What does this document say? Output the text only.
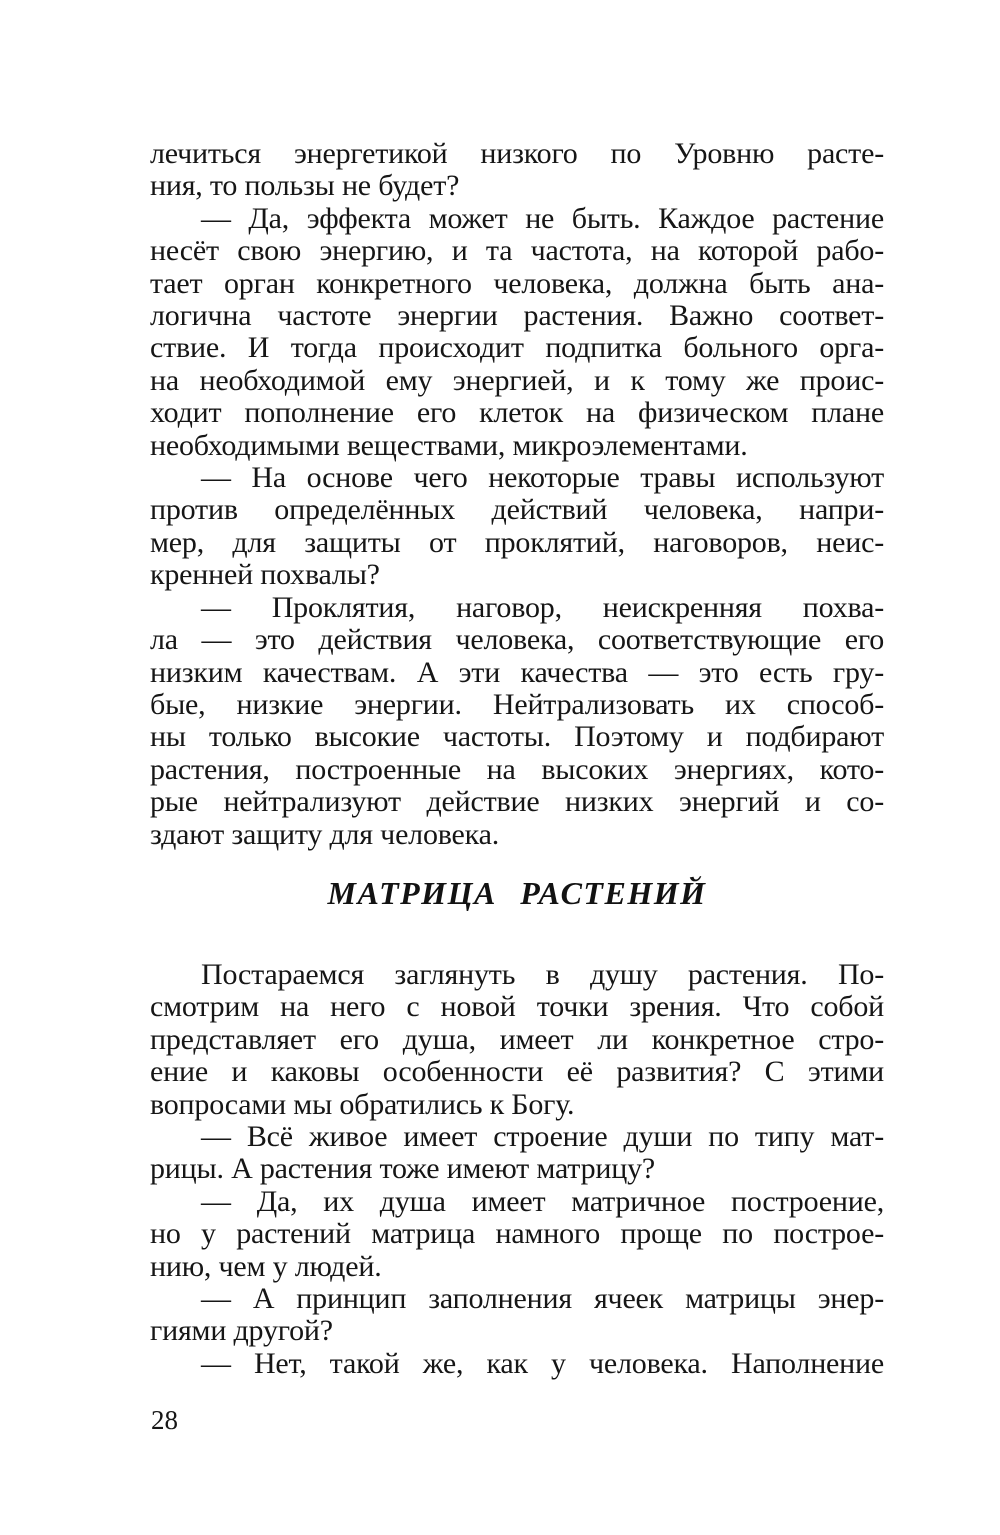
лечиться энергетикой низкого по Уровню расте-
ния, то пользы не будет?
— Да, эффекта может не быть. Каждое растение
несёт свою энергию, и та частота, на которой рабо-
тает орган конкретного человека, должна быть ана-
логична частоте энергии растения. Важно соответ-
ствие. И тогда происходит подпитка больного орга-
на необходимой ему энергией, и к тому же проис-
ходит пополнение его клеток на физическом плане
необходимыми веществами, микроэлементами.
— На основе чего некоторые травы используют
против определённых действий человека, напри-
мер, для защиты от проклятий, наговоров, неис-
кренней похвалы?
— Проклятия, наговор, неискренняя похва-
ла — это действия человека, соответствующие его
низким качествам. А эти качества — это есть гру-
бые, низкие энергии. Нейтрализовать их способ-
ны только высокие частоты. Поэтому и подбирают
растения, построенные на высоких энергиях, кото-
рые нейтрализуют действие низких энергий и со-
здают защиту для человека.
МАТРИЦА РАСТЕНИЙ
Постараемся заглянуть в душу растения. По-
смотрим на него с новой точки зрения. Что собой
представляет его душа, имеет ли конкретное стро-
ение и каковы особенности её развития? С этими
вопросами мы обратились к Богу.
— Всё живое имеет строение души по типу мат-
рицы. А растения тоже имеют матрицу?
— Да, их душа имеет матричное построение,
но у растений матрица намного проще по построе-
нию, чем у людей.
— А принцип заполнения ячеек матрицы энер-
гиями другой?
— Нет, такой же, как у человека. Наполнение
28
